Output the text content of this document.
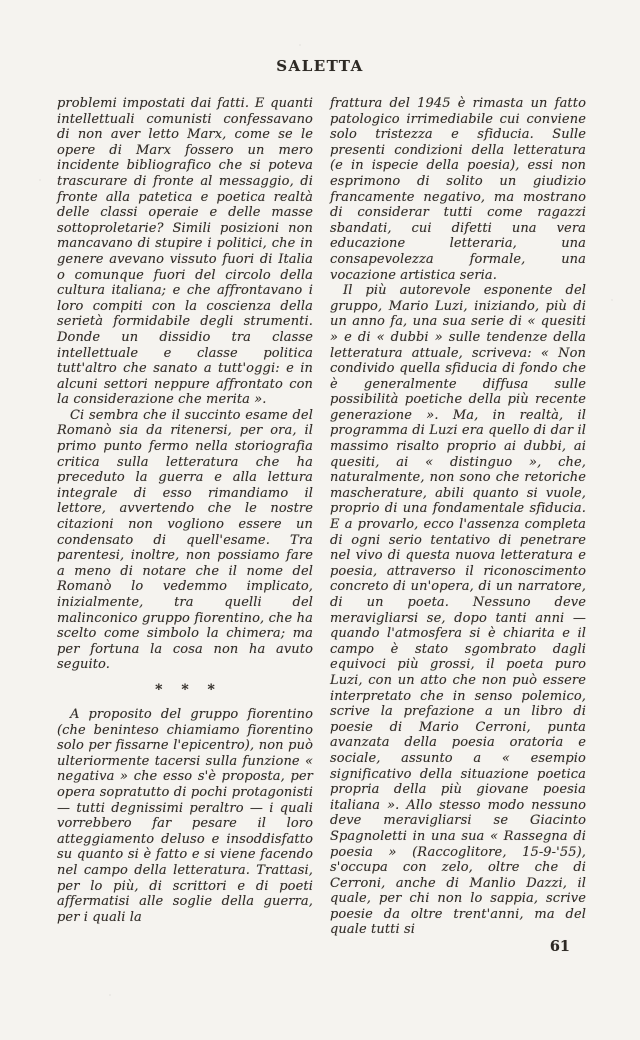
SALETTA

problemi impostati dai fatti. E quanti intellettuali comunisti confessavano di non aver letto Marx, come se le opere di Marx fossero un mero incidente bibliografico che si poteva trascurare di fronte al messaggio, di fronte alla patetica e poetica realtà delle classi operaie e delle masse sottoproletarie? Simili posizioni non mancavano di stupire i politici, che in genere avevano vissuto fuori di Italia o comunque fuori del circolo della cultura italiana; e che affrontavano i loro compiti con la coscienza della serietà formidabile degli strumenti. Donde un dissidio tra classe intellettuale e classe politica tutt'altro che sanato a tutt'oggi: e in alcuni settori neppure affrontato con la considerazione che merita ».

Ci sembra che il succinto esame del Romanò sia da ritenersi, per ora, il primo punto fermo nella storiografia critica sulla letteratura che ha preceduto la guerra e alla lettura integrale di esso rimandiamo il lettore, avvertendo che le nostre citazioni non vogliono essere un condensato di quell'esame. Tra parentesi, inoltre, non possiamo fare a meno di notare che il nome del Romanò lo vedemmo implicato, inizialmente, tra quelli del malinconico gruppo fiorentino, che ha scelto come simbolo la chimera; ma per fortuna la cosa non ha avuto seguito.

* * *

A proposito del gruppo fiorentino (che beninteso chiamiamo fiorentino solo per fissarne l'epicentro), non può ulteriormente tacersi sulla funzione « negativa » che esso s'è proposta, per opera sopratutto di pochi protagonisti — tutti degnissimi peraltro — i quali vorrebbero far pesare il loro atteggiamento deluso e insoddisfatto su quanto si è fatto e si viene facendo nel campo della letteratura. Trattasi, per lo più, di scrittori e di poeti affermatisi alle soglie della guerra, per i quali la

frattura del 1945 è rimasta un fatto patologico irrimediabile cui conviene solo tristezza e sfiducia. Sulle presenti condizioni della letteratura (e in ispecie della poesia), essi non esprimono di solito un giudizio francamente negativo, ma mostrano di considerar tutti come ragazzi sbandati, cui difetti una vera educazione letteraria, una consapevolezza formale, una vocazione artistica seria.

Il più autorevole esponente del gruppo, Mario Luzi, iniziando, più di un anno fa, una sua serie di « quesiti » e di « dubbi » sulle tendenze della letteratura attuale, scriveva: « Non condivido quella sfiducia di fondo che è generalmente diffusa sulle possibilità poetiche della più recente generazione ». Ma, in realtà, il programma di Luzi era quello di dar il massimo risalto proprio ai dubbi, ai quesiti, ai « distinguo », che, naturalmente, non sono che retoriche mascherature, abili quanto si vuole, proprio di una fondamentale sfiducia. E a provarlo, ecco l'assenza completa di ogni serio tentativo di penetrare nel vivo di questa nuova letteratura e poesia, attraverso il riconoscimento concreto di un'opera, di un narratore, di un poeta. Nessuno deve meravigliarsi se, dopo tanti anni — quando l'atmosfera si è chiarita e il campo è stato sgombrato dagli equivoci più grossi, il poeta puro Luzi, con un atto che non può essere interpretato che in senso polemico, scrive la prefazione a un libro di poesie di Mario Cerroni, punta avanzata della poesia oratoria e sociale, assunto a « esempio significativo della situazione poetica propria della più giovane poesia italiana ». Allo stesso modo nessuno deve meravigliarsi se Giacinto Spagnoletti in una sua « Rassegna di poesia » (Raccoglitore, 15-9-'55), s'occupa con zelo, oltre che di Cerroni, anche di Manlio Dazzi, il quale, per chi non lo sappia, scrive poesie da oltre trent'anni, ma del quale tutti si

61
